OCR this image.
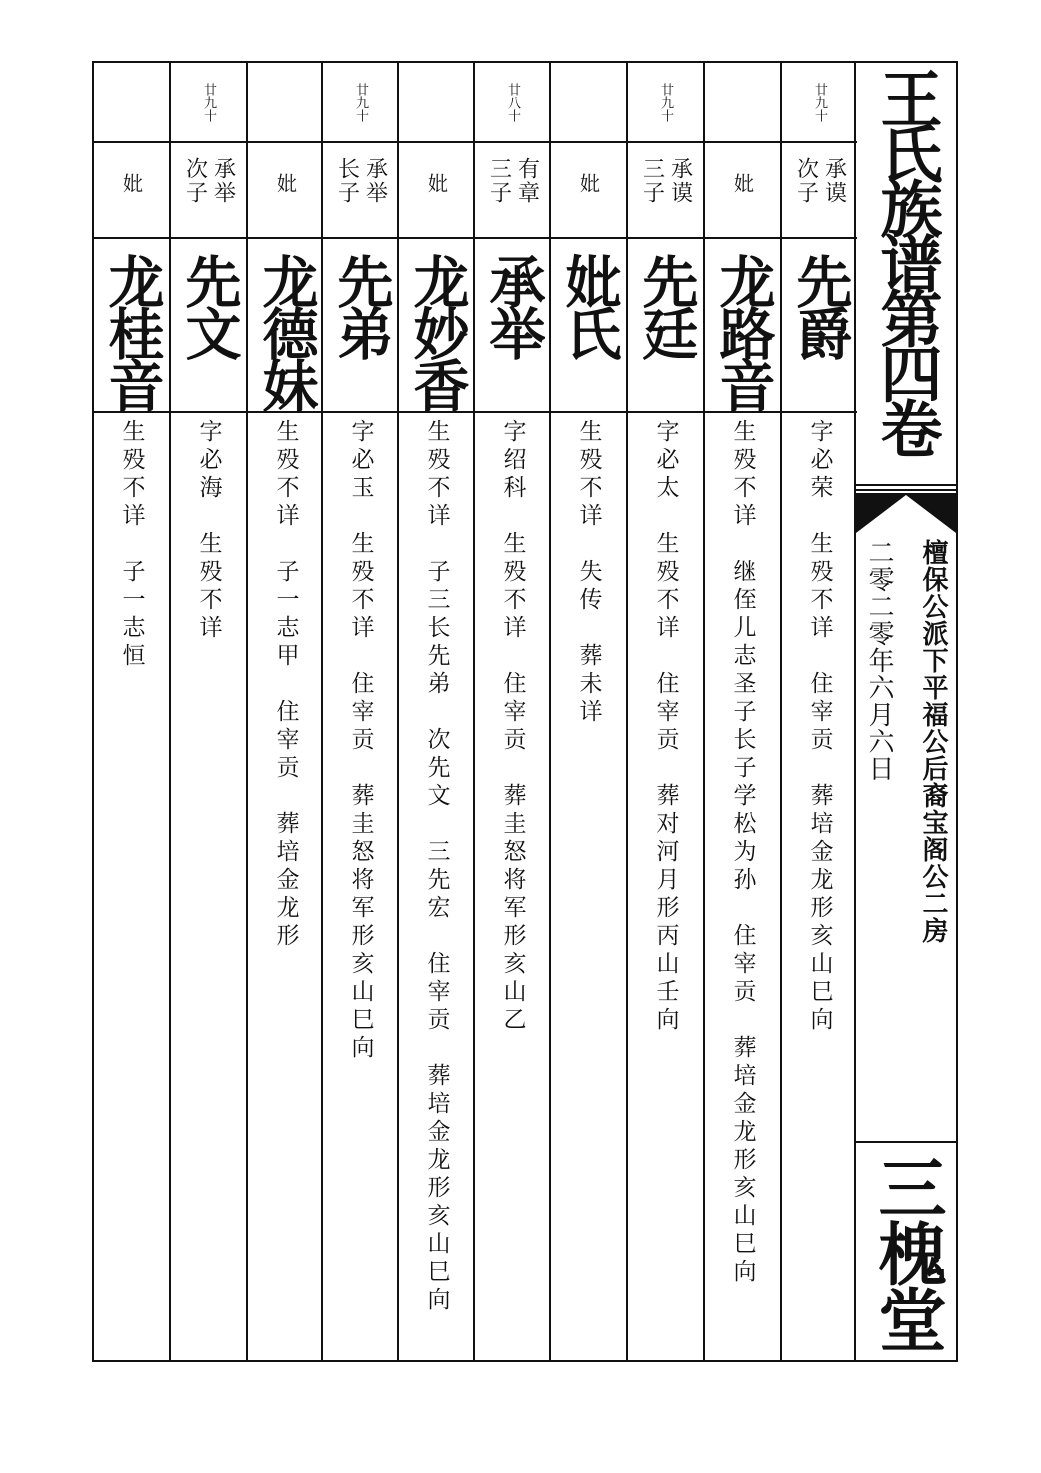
廿九十
承谟
次子
先爵
字必荣　生殁不详　住宰贡　葬培金龙形亥山巳向
妣
龙路音
生殁不详　继侄儿志圣子长子学松为孙　住宰贡　葬培金龙形亥山巳向
廿九十
承谟
三子
先廷
字必太　生殁不详　住宰贡　葬对河月形丙山壬向
妣
妣氏
生殁不详　失传　葬未详
廿八十
有章
三子
承举
字绍科　生殁不详　住宰贡　葬圭怒将军形亥山乙
妣
龙妙香
生殁不详　子三长先弟　次先文　三先宏　住宰贡　葬培金龙形亥山巳向
廿九十
承举
长子
先弟
字必玉　生殁不详　住宰贡　葬圭怒将军形亥山巳向
妣
龙德妹
生殁不详　子一志甲　住宰贡　葬培金龙形
廿九十
承举
次子
先文
字必海　生殁不详
妣
龙桂音
生殁不详　子一志恒
王氏族谱第四卷
檀保公派下平福公后裔宝阁公二房
二零二零年六月六日
三槐堂
